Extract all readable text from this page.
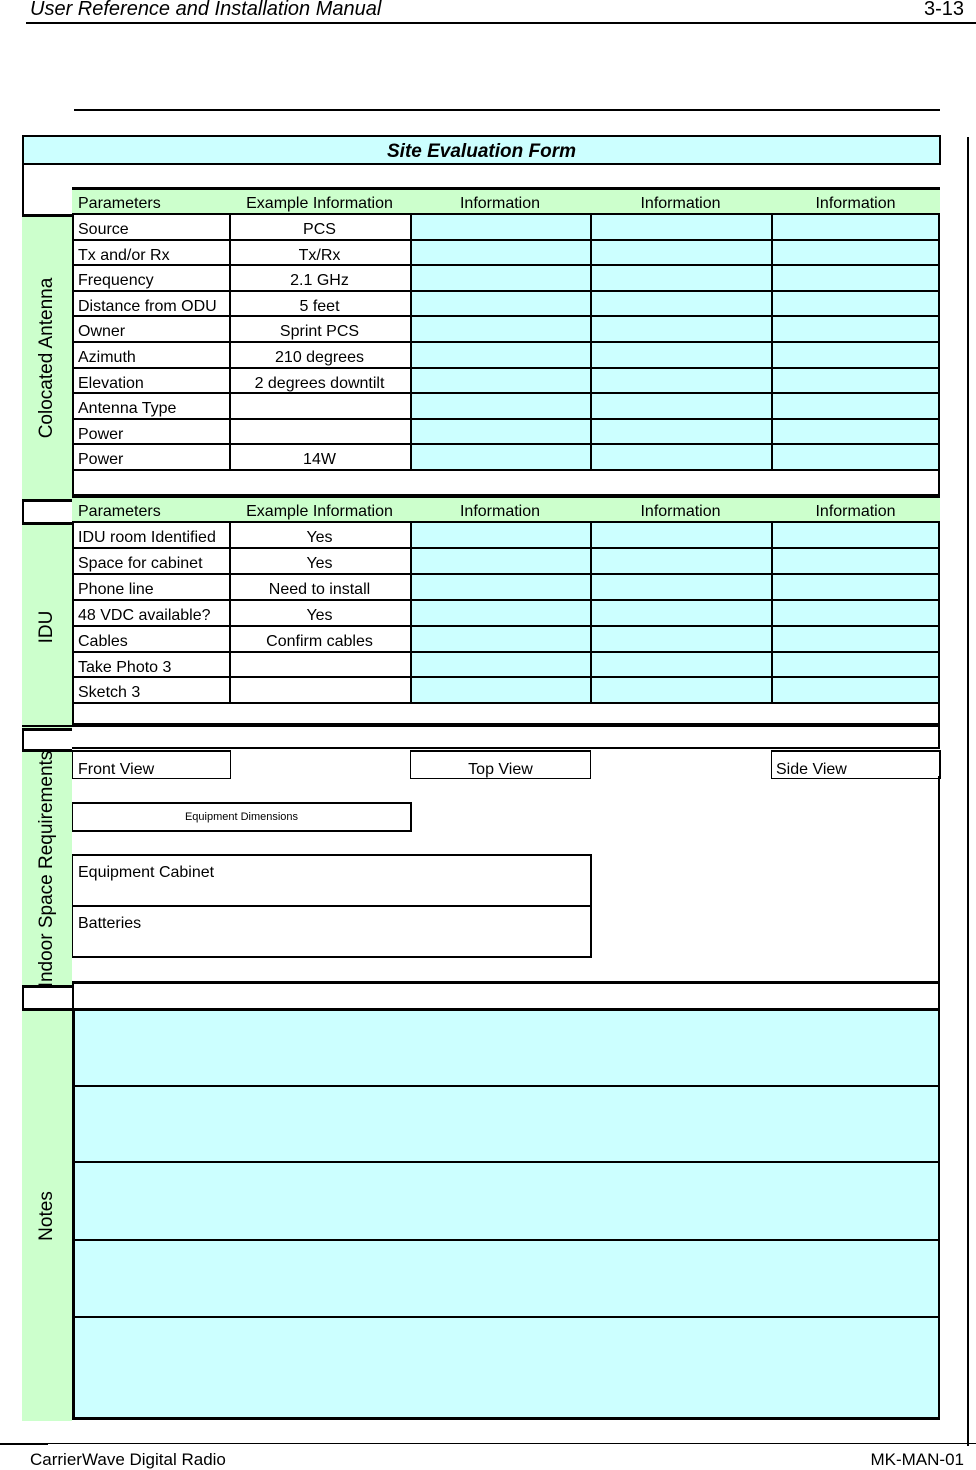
User Reference and Installation Manual	3-13
Site Evaluation Form
Parameters	Example Information	Information	Information	Information
Colocated Antenna
Source	PCS
Tx and/or Rx	Tx/Rx
Frequency	2.1 GHz
Distance from ODU	5 feet
Owner	Sprint PCS
Azimuth	210 degrees
Elevation	2 degrees downtilt
Antenna Type
Power
Power	14W
Parameters	Example Information	Information	Information	Information
IDU
IDU room Identified	Yes
Space for cabinet	Yes
Phone line	Need to install
48 VDC available?	Yes
Cables	Confirm cables
Take Photo 3
Sketch 3
Indoor Space Requirements Front View	Top View	Side View
Equipment Dimensions
Equipment Cabinet
Batteries
Notes
CarrierWave Digital Radio	MK-MAN-01
